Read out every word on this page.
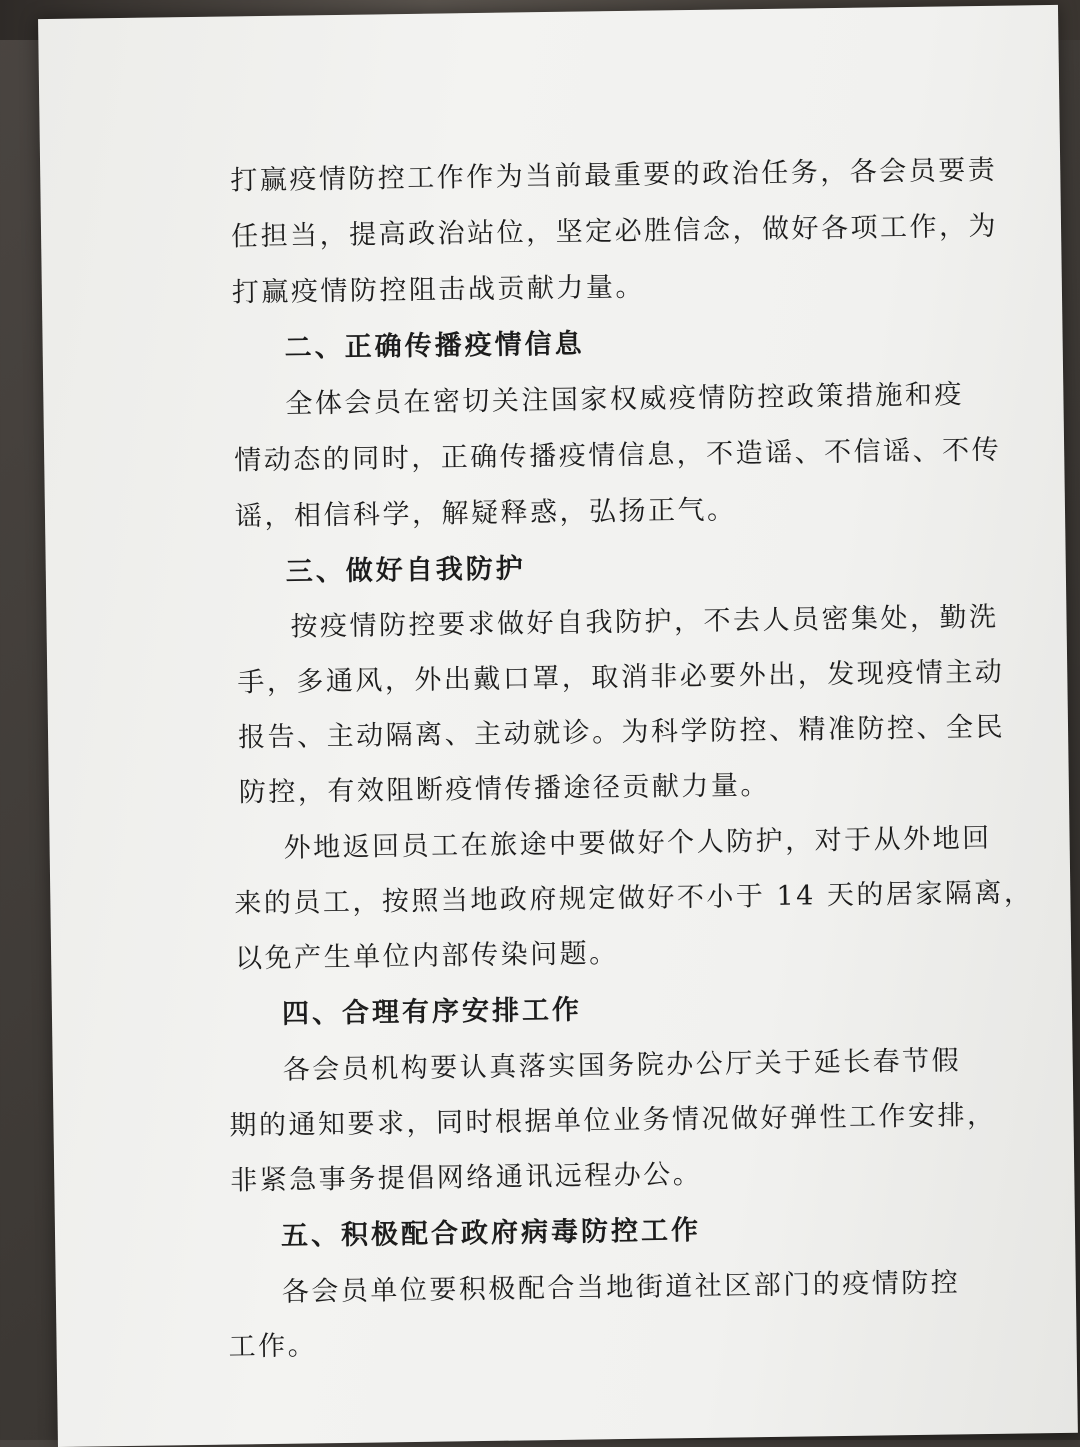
打赢疫情防控工作作为当前最重要的政治任务，各会员要责
任担当，提高政治站位，坚定必胜信念，做好各项工作，为
打赢疫情防控阻击战贡献力量。
二、正确传播疫情信息
全体会员在密切关注国家权威疫情防控政策措施和疫
情动态的同时，正确传播疫情信息，不造谣、不信谣、不传
谣，相信科学，解疑释惑，弘扬正气。
三、做好自我防护
按疫情防控要求做好自我防护，不去人员密集处，勤洗
手，多通风，外出戴口罩，取消非必要外出，发现疫情主动
报告、主动隔离、主动就诊。为科学防控、精准防控、全民
防控，有效阻断疫情传播途径贡献力量。
外地返回员工在旅途中要做好个人防护，对于从外地回
来的员工，按照当地政府规定做好不小于 14 天的居家隔离，
以免产生单位内部传染问题。
四、合理有序安排工作
各会员机构要认真落实国务院办公厅关于延长春节假
期的通知要求，同时根据单位业务情况做好弹性工作安排，
非紧急事务提倡网络通讯远程办公。
五、积极配合政府病毒防控工作
各会员单位要积极配合当地街道社区部门的疫情防控
工作。
